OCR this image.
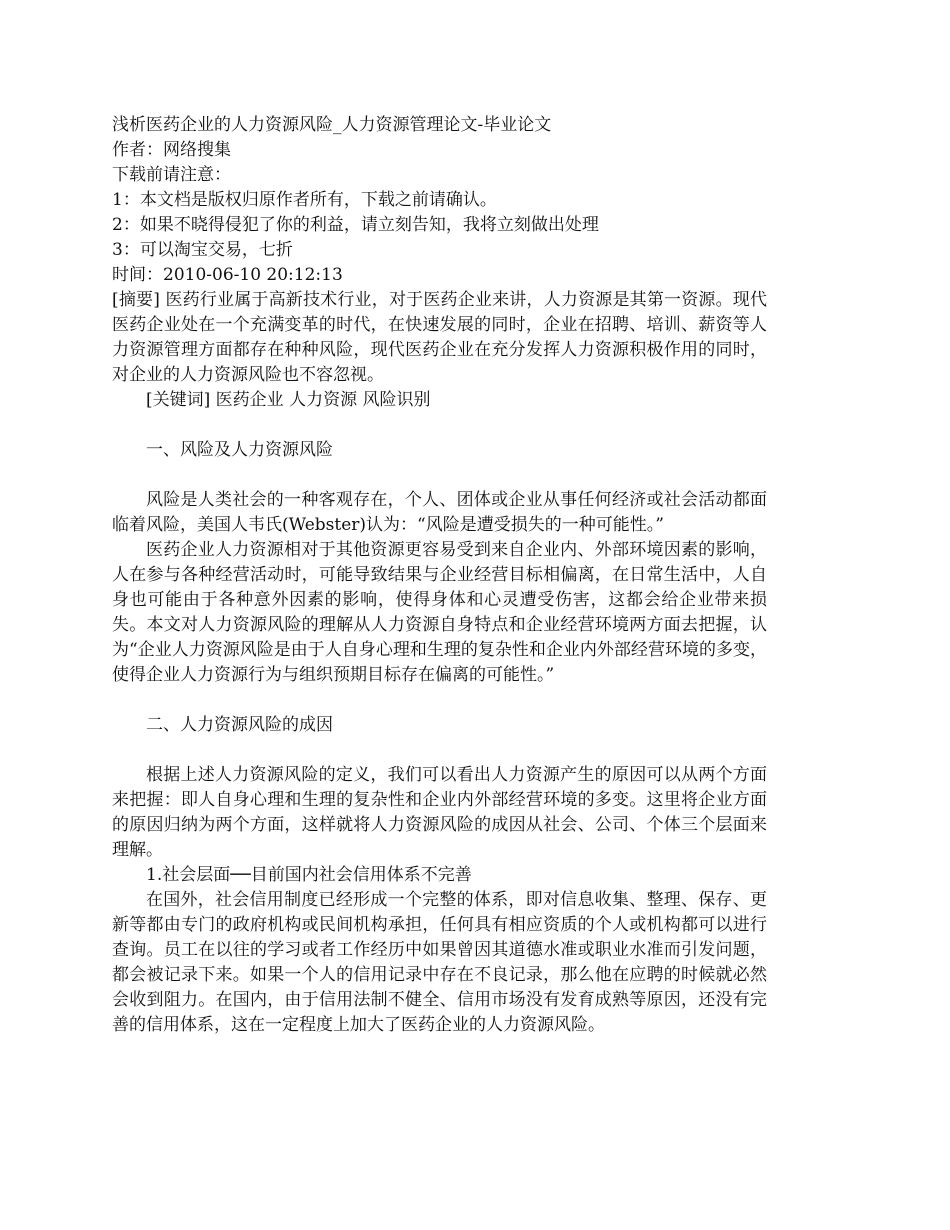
浅析医药企业的人力资源风险_人力资源管理论文-毕业论文
作者：网络搜集
下载前请注意：
1：本文档是版权归原作者所有，下载之前请确认。
2：如果不晓得侵犯了你的利益，请立刻告知，我将立刻做出处理
3：可以淘宝交易，七折
时间：2010-06-10 20:12:13
[摘要] 医药行业属于高新技术行业，对于医药企业来讲，人力资源是其第一资源。现代医药企业处在一个充满变革的时代，在快速发展的同时，企业在招聘、培训、薪资等人力资源管理方面都存在种种风险，现代医药企业在充分发挥人力资源积极作用的同时，对企业的人力资源风险也不容忽视。
[关键词] 医药企业 人力资源 风险识别
一、风险及人力资源风险
风险是人类社会的一种客观存在，个人、团体或企业从事任何经济或社会活动都面临着风险，美国人韦氏(Webster)认为：“风险是遭受损失的一种可能性。”
医药企业人力资源相对于其他资源更容易受到来自企业内、外部环境因素的影响，人在参与各种经营活动时，可能导致结果与企业经营目标相偏离，在日常生活中，人自身也可能由于各种意外因素的影响，使得身体和心灵遭受伤害，这都会给企业带来损失。本文对人力资源风险的理解从人力资源自身特点和企业经营环境两方面去把握，认为“企业人力资源风险是由于人自身心理和生理的复杂性和企业内外部经营环境的多变，使得企业人力资源行为与组织预期目标存在偏离的可能性。”
二、人力资源风险的成因
根据上述人力资源风险的定义，我们可以看出人力资源产生的原因可以从两个方面来把握：即人自身心理和生理的复杂性和企业内外部经营环境的多变。这里将企业方面的原因归纳为两个方面，这样就将人力资源风险的成因从社会、公司、个体三个层面来理解。
1.社会层面──目前国内社会信用体系不完善
在国外，社会信用制度已经形成一个完整的体系，即对信息收集、整理、保存、更新等都由专门的政府机构或民间机构承担，任何具有相应资质的个人或机构都可以进行查询。员工在以往的学习或者工作经历中如果曾因其道德水准或职业水准而引发问题，都会被记录下来。如果一个人的信用记录中存在不良记录，那么他在应聘的时候就必然会收到阻力。在国内，由于信用法制不健全、信用市场没有发育成熟等原因，还没有完善的信用体系，这在一定程度上加大了医药企业的人力资源风险。
